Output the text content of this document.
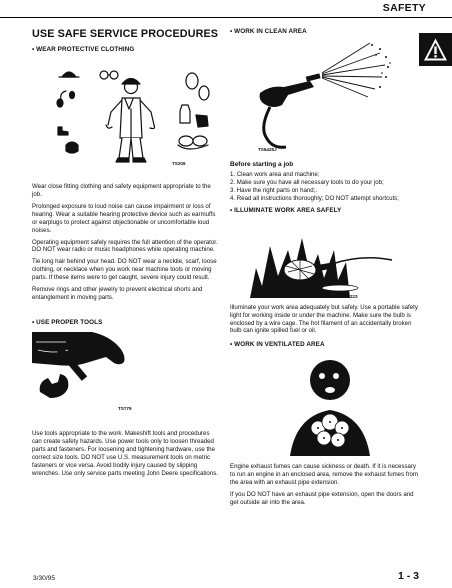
SAFETY
USE SAFE SERVICE PROCEDURES
• WEAR PROTECTIVE CLOTHING
TS206

Wear close fitting clothing and safety equipment appropriate to the job.

Prolonged exposure to loud noise can cause impairment or loss of hearing. Wear a suitable hearing protective device such as earmuffs or earplugs to protect against objectionable or uncomfortable loud noises.

Operating equipment safely requires the full attention of the operator. DO NOT wear radio or music headphones while operating machine.

Tie long hair behind your head. DO NOT wear a necktie, scarf, loose clothing, or necklace when you work near machine tools or moving parts. If these items were to get caught, severe injury could result.

Remove rings and other jewelry to prevent electrical shorts and entanglement in moving parts.

• USE PROPER TOOLS
TS779

Use tools appropriate to the work. Makeshift tools and procedures can create safety hazards. Use power tools only to loosen threaded parts and fasteners. For loosening and tightening hardware, use the correct size tools. DO NOT use U.S. measurement tools on metric fasteners or vice versa. Avoid bodily injury caused by slipping wrenches. Use only service parts meeting John Deere specifications.

• WORK IN CLEAN AREA
TS6425J
Before starting a job
1. Clean work area and machine;
2. Make sure you have all necessary tools to do your job;
3. Have the right parts on hand;.
4. Read all instructions thoroughly; DO NOT attempt shortcuts;
• ILLUMINATE WORK AREA SAFELY
TS223

Illuminate your work area adequately but safely. Use a portable safety light for working inside or under the machine. Make sure the bulb is enclosed by a wire cage. The hot filament of an accidentally broken bulb can ignite spilled fuel or oil.

• WORK IN VENTILATED AREA
TS220

Engine exhaust fumes can cause sickness or death. If it is necessary to run an engine in an enclosed area, remove the exhaust fumes from the area with an exhaust pipe extension.

If you DO NOT have an exhaust pipe extension, open the doors and get outside air into the area.

3/30/95	1 - 3
